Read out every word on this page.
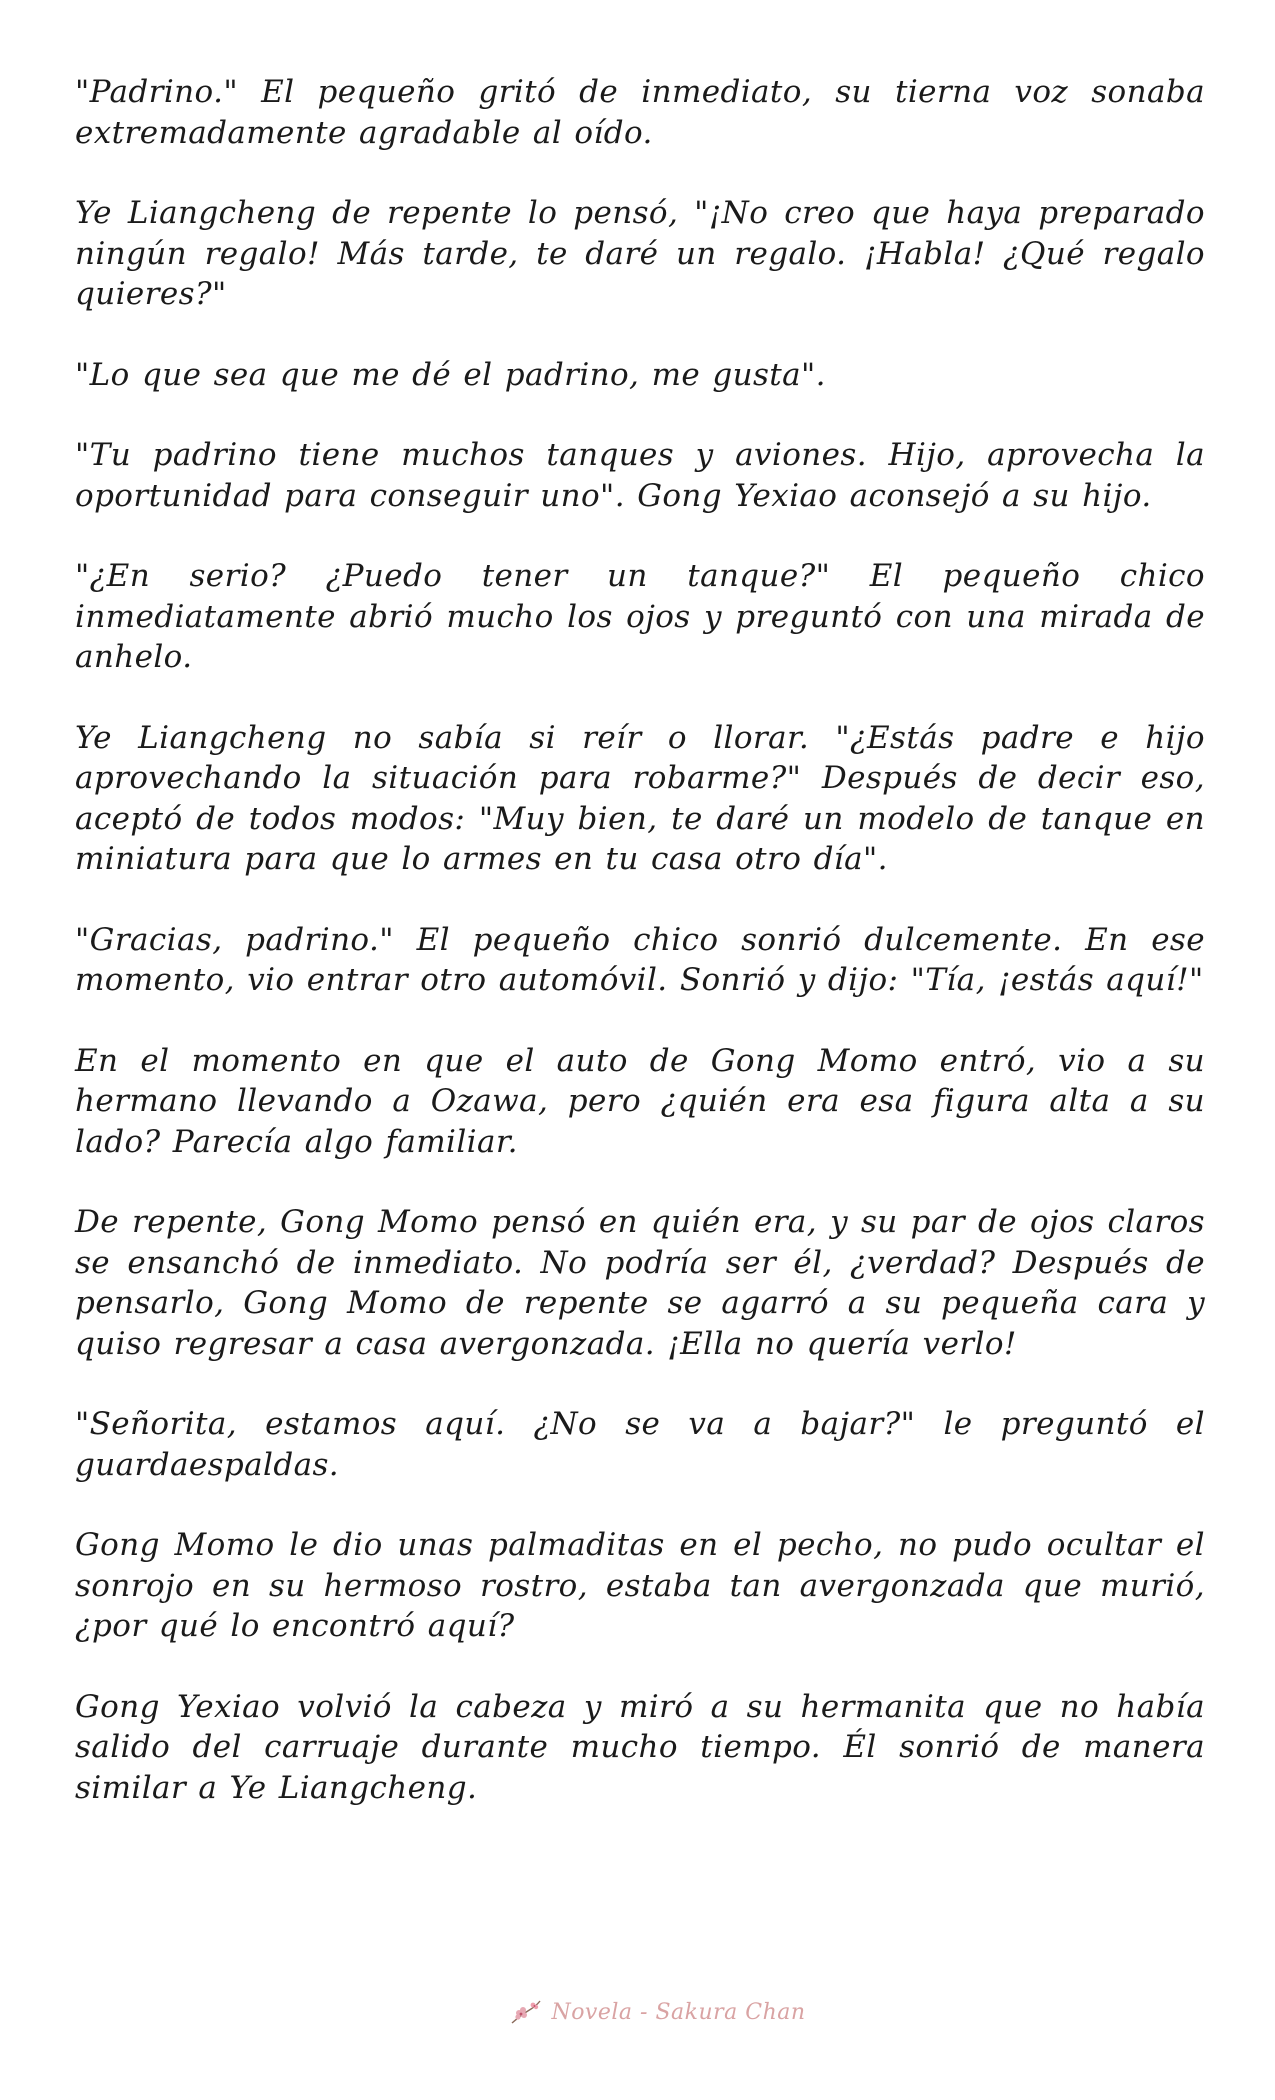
"Padrino." El pequeño gritó de inmediato, su tierna voz sonaba extremadamente agradable al oído.

Ye Liangcheng de repente lo pensó, "¡No creo que haya preparado ningún regalo! Más tarde, te daré un regalo. ¡Habla! ¿Qué regalo quieres?"

"Lo que sea que me dé el padrino, me gusta".

"Tu padrino tiene muchos tanques y aviones. Hijo, aprovecha la oportunidad para conseguir uno". Gong Yexiao aconsejó a su hijo.

"¿En serio? ¿Puedo tener un tanque?" El pequeño chico inmediatamente abrió mucho los ojos y preguntó con una mirada de anhelo.

Ye Liangcheng no sabía si reír o llorar. "¿Estás padre e hijo aprovechando la situación para robarme?" Después de decir eso, aceptó de todos modos: "Muy bien, te daré un modelo de tanque en miniatura para que lo armes en tu casa otro día".

"Gracias, padrino." El pequeño chico sonrió dulcemente. En ese momento, vio entrar otro automóvil. Sonrió y dijo: "Tía, ¡estás aquí!"

En el momento en que el auto de Gong Momo entró, vio a su hermano llevando a Ozawa, pero ¿quién era esa figura alta a su lado? Parecía algo familiar.

De repente, Gong Momo pensó en quién era, y su par de ojos claros se ensanchó de inmediato. No podría ser él, ¿verdad? Después de pensarlo, Gong Momo de repente se agarró a su pequeña cara y quiso regresar a casa avergonzada. ¡Ella no quería verlo!

"Señorita, estamos aquí. ¿No se va a bajar?" le preguntó el guardaespaldas.

Gong Momo le dio unas palmaditas en el pecho, no pudo ocultar el sonrojo en su hermoso rostro, estaba tan avergonzada que murió, ¿por qué lo encontró aquí?

Gong Yexiao volvió la cabeza y miró a su hermanita que no había salido del carruaje durante mucho tiempo. Él sonrió de manera similar a Ye Liangcheng.

Novela - Sakura Chan
